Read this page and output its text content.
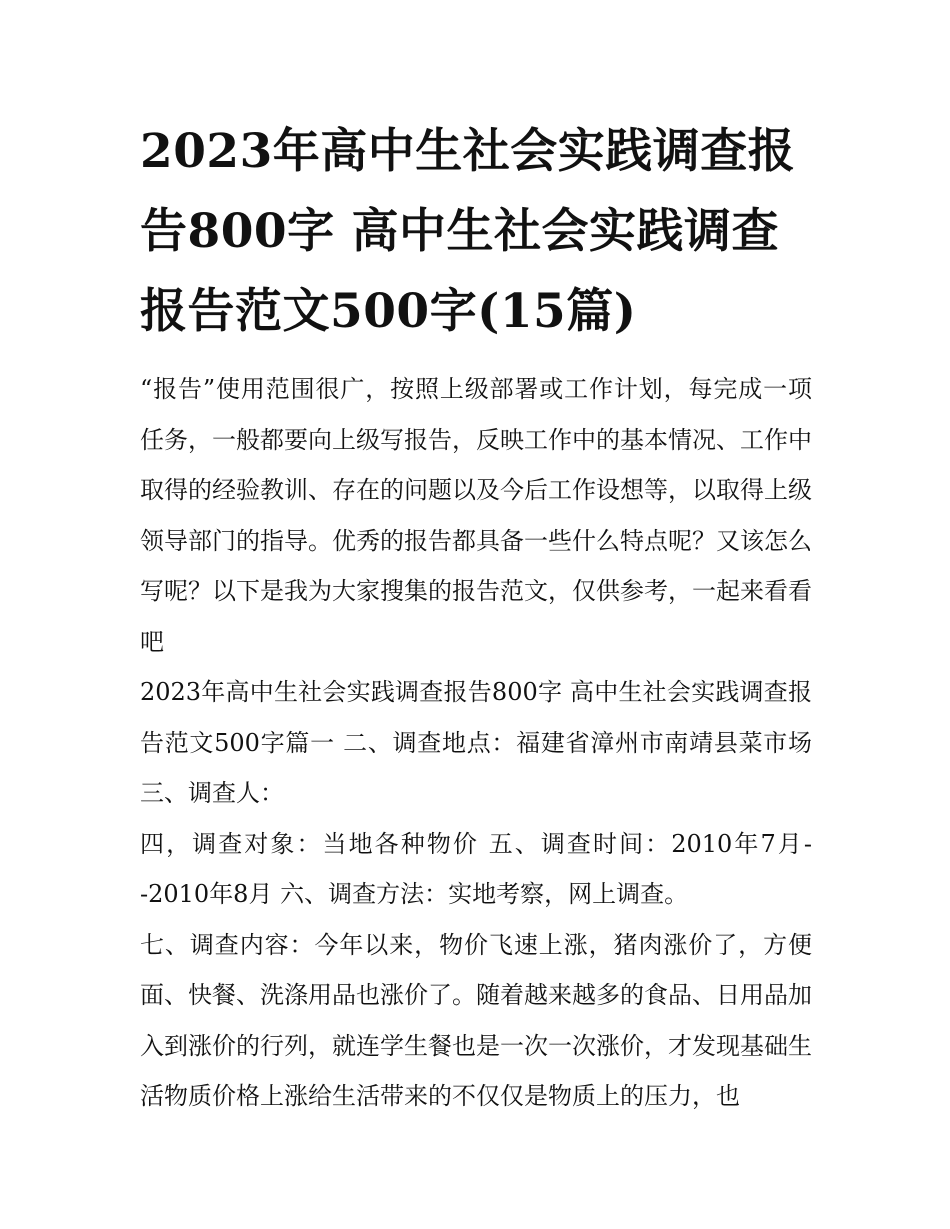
2023年高中生社会实践调查报告800字 高中生社会实践调查报告范文500字(15篇)

“报告”使用范围很广，按照上级部署或工作计划，每完成一项任务，一般都要向上级写报告，反映工作中的基本情况、工作中取得的经验教训、存在的问题以及今后工作设想等，以取得上级领导部门的指导。优秀的报告都具备一些什么特点呢？又该怎么写呢？以下是我为大家搜集的报告范文，仅供参考，一起来看看吧

2023年高中生社会实践调查报告800字 高中生社会实践调查报告范文500字篇一 二、调查地点：福建省漳州市南靖县菜市场 三、调查人：

四，调查对象：当地各种物价 五、调查时间：2010年7月--2010年8月 六、调查方法：实地考察，网上调查。

七、调查内容：今年以来，物价飞速上涨，猪肉涨价了，方便面、快餐、洗涤用品也涨价了。随着越来越多的食品、日用品加入到涨价的行列，就连学生餐也是一次一次涨价，才发现基础生活物质价格上涨给生活带来的不仅仅是物质上的压力，也
